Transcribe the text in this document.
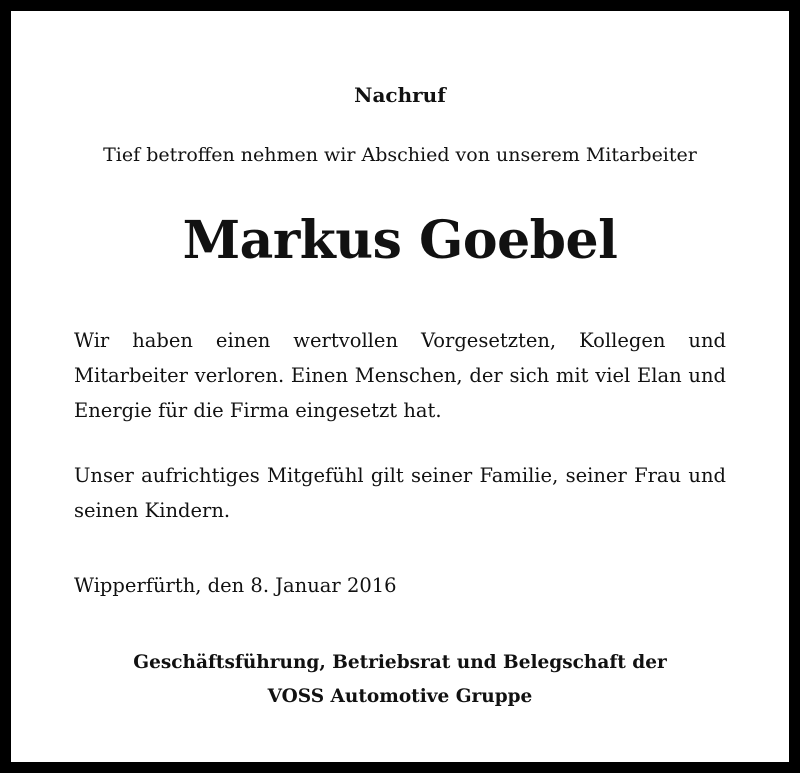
Nachruf
Tief betroffen nehmen wir Abschied von unserem Mitarbeiter
Markus Goebel

Wir haben einen wertvollen Vorgesetzten, Kollegen und Mitarbeiter verloren. Einen Menschen, der sich mit viel Elan und Energie für die Firma eingesetzt hat.

Unser aufrichtiges Mitgefühl gilt seiner Familie, seiner Frau und seinen Kindern.

Wipperfürth, den 8. Januar 2016
Geschäftsführung, Betriebsrat und Belegschaft der
VOSS Automotive Gruppe
